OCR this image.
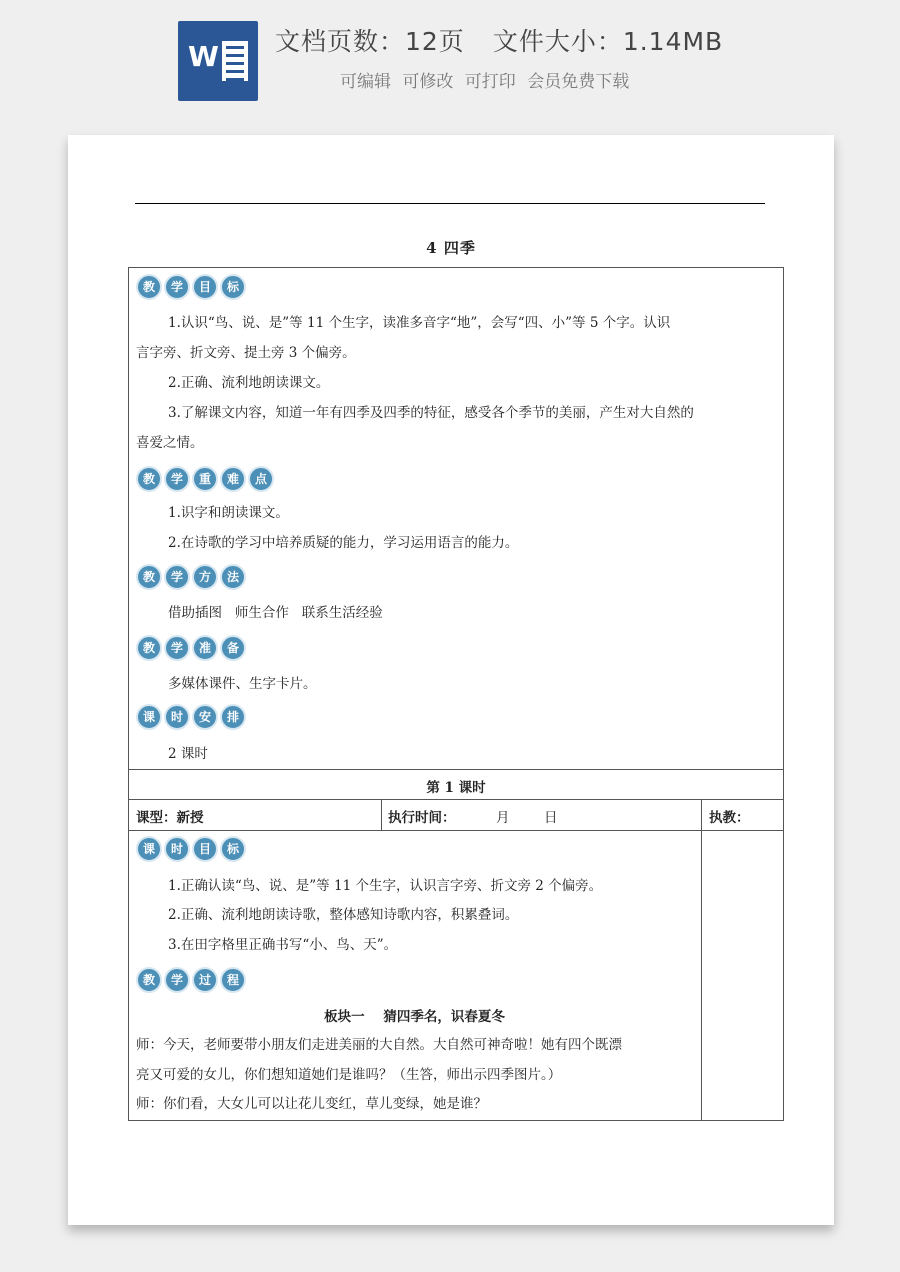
W 文档页数：12页 文件大小：1.14MB
可编辑 可修改 可打印 会员免费下载
4 四季
教	学	目	标
1.认识“鸟、说、是”等 11 个生字，读准多音字“地”，会写“四、小”等 5 个字。认识
言字旁、折文旁、提土旁 3 个偏旁。
2.正确、流利地朗读课文。
3.了解课文内容，知道一年有四季及四季的特征，感受各个季节的美丽，产生对大自然的
喜爱之情。
教	学	重	难	点
1.识字和朗读课文。
2.在诗歌的学习中培养质疑的能力，学习运用语言的能力。
教	学	方	法
借助插图   师生合作   联系生活经验
教	学	准	备
多媒体课件、生字卡片。
课	时	安	排
2 课时
第 1 课时
课型：新授	执行时间：	月	日	执教：
课	时	目	标
1.正确认读“鸟、说、是”等 11 个生字，认识言字旁、折文旁 2 个偏旁。
2.正确、流利地朗读诗歌，整体感知诗歌内容，积累叠词。
3.在田字格里正确书写“小、鸟、天”。
教	学	过	程
板块一    猜四季名，识春夏冬
师：今天，老师要带小朋友们走进美丽的大自然。大自然可神奇啦！她有四个既漂
亮又可爱的女儿，你们想知道她们是谁吗？（生答，师出示四季图片。）
师：你们看，大女儿可以让花儿变红，草儿变绿，她是谁？
